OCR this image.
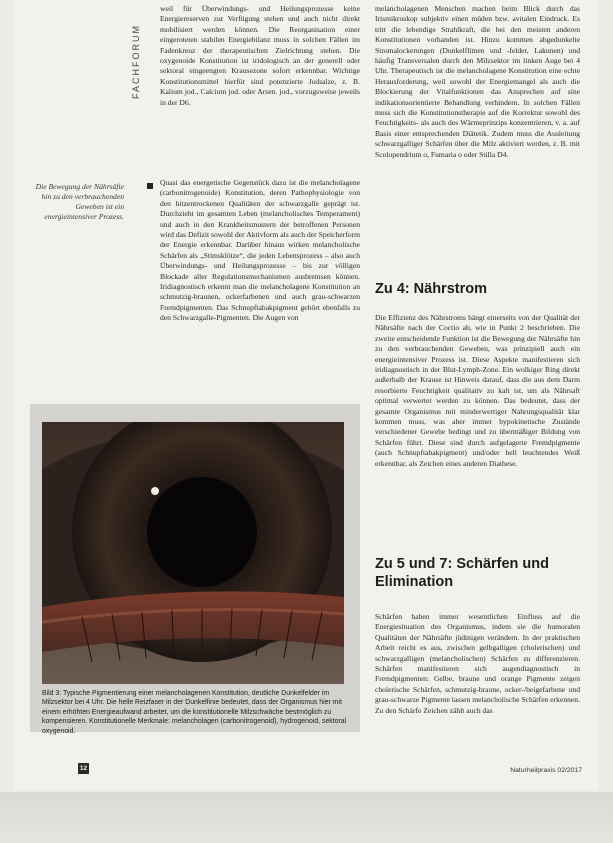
FACHFORUM
Die Bewegung der Nährsäfte hin zu den verbrauchenden Geweben ist ein energieintensiver Prozess.

weil für Überwindungs- und Heilungsprozesse keine Energiereserven zur Verfügung stehen und auch nicht direkt mobilisiert werden können. Die Reorganisation einer eingeroteten stabilen Energiebilanz muss in solchen Fällen im Fadenkreuz der therapeutischen Zielrichtung stehen. Die oxygenoide Konstitution ist iridologisch an der generell oder sektoral eingeengten Krausezone sofort erkennbar. Wichtige Konstitutionsmittel hierfür sind potenzierte Jodsalze, z. B. Kalium jod., Calcium jod. oder Arsen. jod., vorzugsweise jeweils in der D6.

Quasi das energetische Gegenstück dazu ist die melancholagene (carbonitrogenoide) Konstitution, deren Pathophysiologie von den hitzentrockenen Qualitäten der schwarzgalle geprägt ist. Durchzieht im gesamten Leben (melancholisches Temperament) und auch in den Krankheitsmustern der betroffenen Personen wird das Defizit sowohl der Aktivform als auch der Speicherform der Energie erkennbar. Darüber hinaus wirken melancholische Schärfen als „Stimsklötze“, die jeden Lebensprozess – also auch Überwindungs- und Heilungsprozesse – bis zur völligen Blockade aller Regulationsmechanismen ausbremsen können. Iridiagnostisch erkennt man die melancholagene Konstitution an schmutzig-braunen, ockerfarbenen und auch grau-schwarzen Fremdpigmenten. Das Schnupftabakpigment gehört ebenfalls zu den Schwarzgalle-Pigmenten. Die Augen von

melancholagenen Menschen machen beim Blick durch das Irismikroskop subjektiv einen müden bzw. avitalen Eindruck. Es tritt die lebendige Strahlkraft, die bei den meisten anderen Konstitutionen vorhanden ist. Hinzu kommen abgedunkelte Stromalockerungen (Dunkelflimen und -felder, Lakunen) und häufig Transversalen durch den Milzsektor im linken Auge bei 4 Uhr. Therapeutisch ist die melancholagene Konstitution eine echte Herausforderung, weil sowohl der Energiemangel als auch die Blockierung der Vitalfunktionen das Ansprechen auf sine indikationsorientierte Behandlung verhindern. In solchen Fällen muss sich die Konstitutionstherapie auf die Korrektur sowohl des Feuchtigkeits- als auch des Wärmeprinzips konzentrieren, v. a. auf Basis einer entsprechenden Diätetik. Zudem muss die Ausleitung schwarzgalliger Schärfen über die Milz aktiviert werden, z. B. mit Scolopendrium o, Fumaria o oder Stilla D4.

Zu 4: Nährstrom

Die Effizienz des Nährstroms hängt einerseits von der Qualität der Nährsäfte nach der Coctio ab, wie in Punkt 2 beschrieben. Die zweite entscheidende Funktion ist die Bewegung der Nährsäfte hin zu den verbrauchenden Geweben, was prinzipiell auch ein energieintensiver Prozess ist. Diese Aspekte manifestieren sich iridiagnostisch in der Blut-Lymph-Zone. Ein wolkiger Ring direkt außerhalb der Krause ist Hinweis darauf, dass die aus dem Darm resorbierte Feuchtigkeit qualitativ zu kalt ist, um als Nährsaft optimal verwertet werden zu können. Das bedeutet, dass der gesamte Organismus mit minderwertiger Nahrungsqualität klar kommen muss, was aber immer hypokinetische Zustände verschiedener Gewebe bedingt und zu übermäßiger Bildung von Schärfen führt. Diese sind durch aufgelagerte Fremdpigmente (auch Schnupftabakpigment) und/oder hell leuchtendes Weiß erkennbar, als Zeichen eines anderen Diathese.

Zu 5 und 7: Schärfen und Elimination

Schärfen haben immer wesentlichen Einfluss auf die Energiesituation des Organismus, indem sie die humoralen Qualitäten der Nährsäfte jüdinigen verändern. In der praktischen Arbeit reicht es aus, zwischen gelbgalligen (cholerischen) und schwarzgalligen (melancholischen) Schärfen zu differenzieren. Schärfen manifestieren sich augendiagnostisch in Fremdpigmenten: Gelbe, braune und orange Pigmente zeigen cholerische Schärfen, schmutzig-braune, ocker-/beigefarbene und grau-schwarze Pigmente lassen melancholische Schärfen erkennen. Zu den Schärfe Zeichen zählt auch das

Bild 3: Typische Pigmentierung einer melancholagenen Konstitution, deutliche Dunkelfelder im Milzsektor bei 4 Uhr. Die helle Reizfaser in der Dunkelfinie bedeutet, dass der Organismus hier mit einem erhöhten Energieaufwand arbeitet, um die konstitutionelle Milzschwäche bestmöglich zu kompensieren. Konstitutionelle Merkmale: melancholagen (carbonitrogenoid), hydrogenoid, sektoral oxygenoid.
12	Naturheilpraxis 02/2017
